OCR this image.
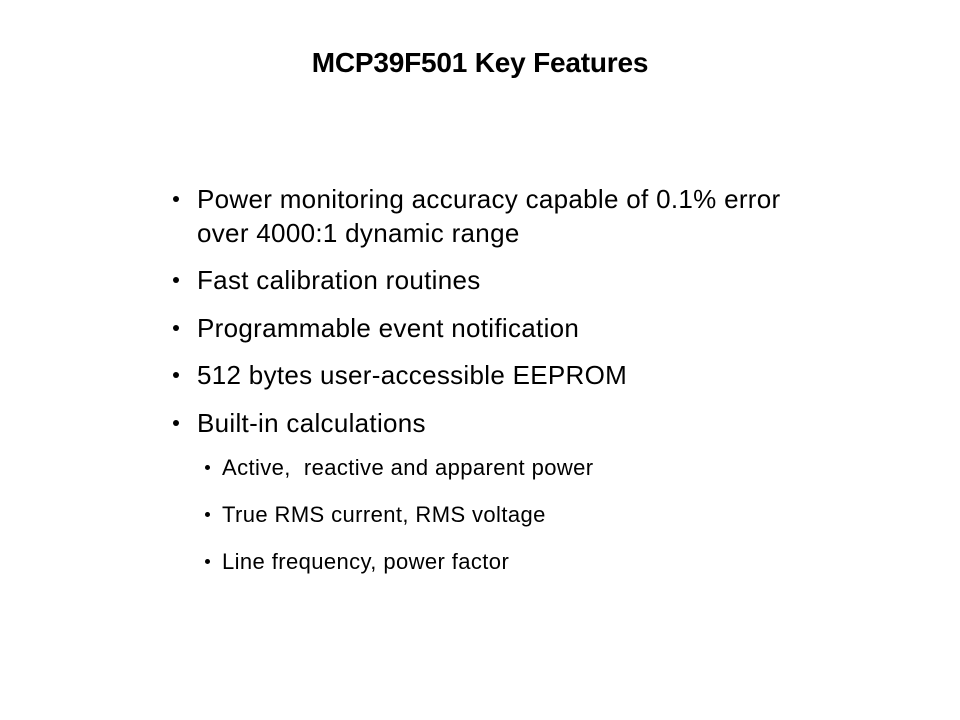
MCP39F501 Key Features
Power monitoring accuracy capable of 0.1% error over 4000:1 dynamic range
Fast calibration routines
Programmable event notification
512 bytes user-accessible EEPROM
Built-in calculations
Active,  reactive and apparent power
True RMS current, RMS voltage
Line frequency, power factor
